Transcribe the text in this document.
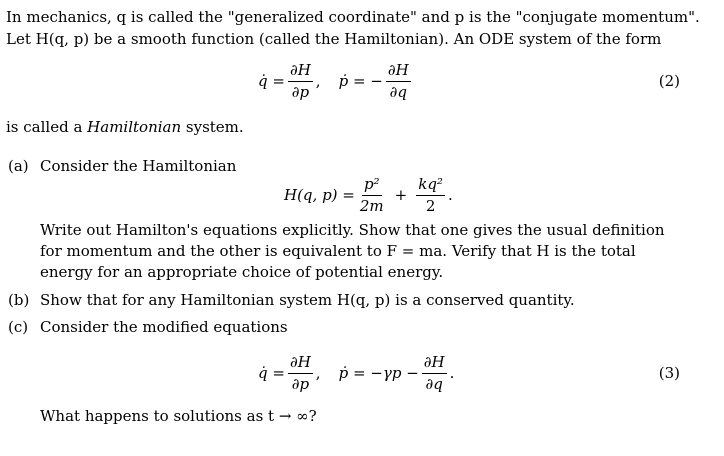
In mechanics, q is called the "generalized coordinate" and p is the "conjugate momentum".
Let H(q, p) be a smooth function (called the Hamiltonian). An ODE system of the form
q̇ = $\frac{\partial H}{\partial p}$ , ṗ = − $\frac{\partial H}{\partial q}$	(2)
is called a Hamiltonian system.
(a) Consider the Hamiltonian
H(q, $p) = \frac{\text{p²}}{2m} + \frac{\text{kq²}}{2}$ .
Write out Hamilton's equations explicitly. Show that one gives the usual definition for momentum and the other is equivalent to F = ma. Verify that H is the total energy for an appropriate choice of potential energy.
(b) Show that for any Hamiltonian system H(q, p) is a conserved quantity.
(c) Consider the modified equations
q̇ = $\frac{\partial H}{\partial p}$ , ṗ = $-\gamma p - \frac{\partial H}{\partial q}$ .	(3)
What happens to solutions as t → ∞?
